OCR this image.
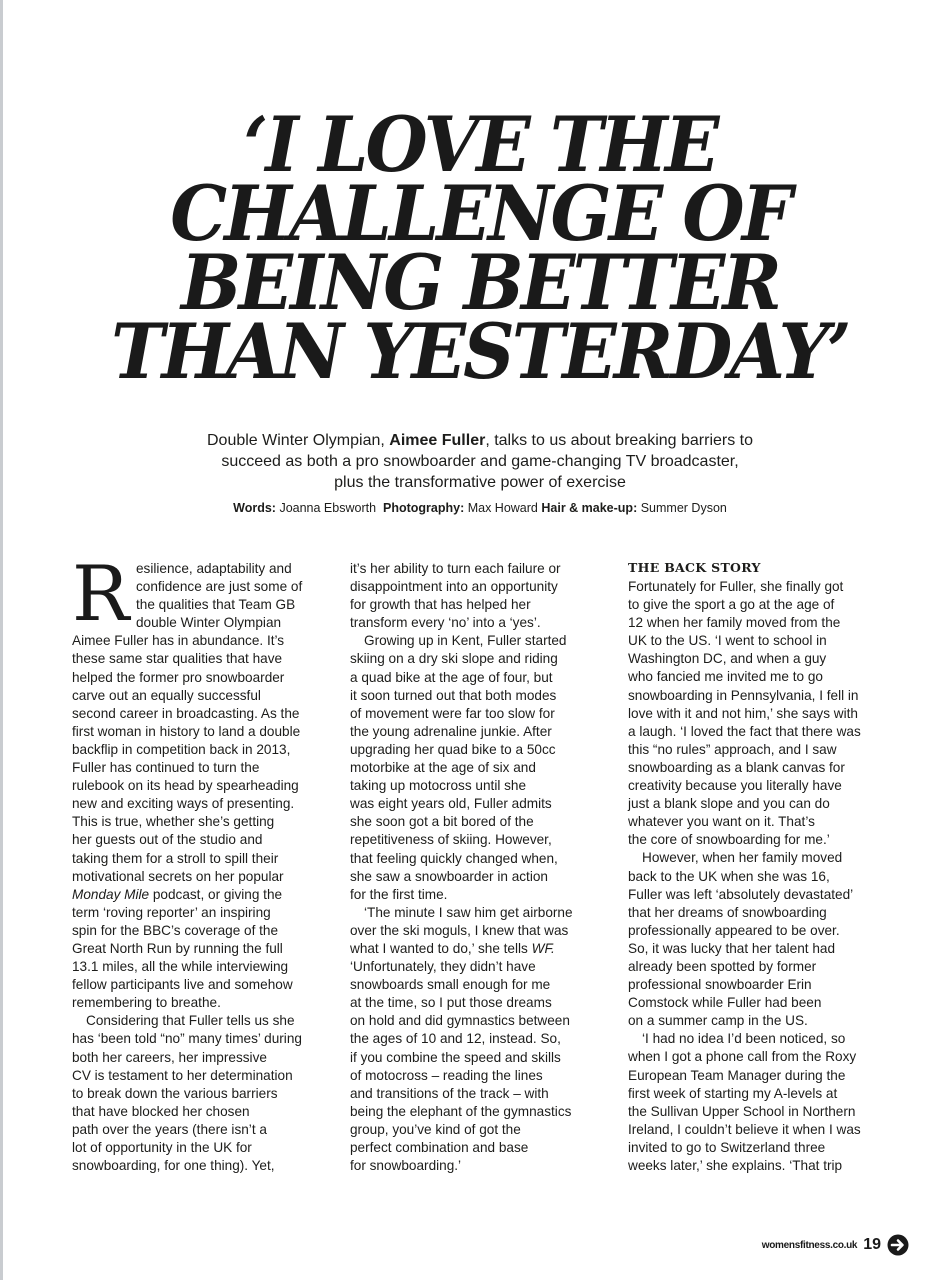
‘I LOVE THE
CHALLENGE OF
BEING BETTER
THAN YESTERDAY’

Double Winter Olympian, Aimee Fuller, talks to us about breaking barriers to
succeed as both a pro snowboarder and game-changing TV broadcaster,
plus the transformative power of exercise

Words: Joanna Ebsworth Photography: Max Howard Hair & make-up: Summer Dyson
R esilience, adaptability and
confidence are just some of
the qualities that Team GB
double Winter Olympian
Aimee Fuller has in abundance. It’s
these same star qualities that have
helped the former pro snowboarder
carve out an equally successful
second career in broadcasting. As the
first woman in history to land a double
backflip in competition back in 2013,
Fuller has continued to turn the
rulebook on its head by spearheading
new and exciting ways of presenting.
This is true, whether she’s getting
her guests out of the studio and
taking them for a stroll to spill their
motivational secrets on her popular
Monday Mile podcast, or giving the
term ‘roving reporter’ an inspiring
spin for the BBC’s coverage of the
Great North Run by running the full
13.1 miles, all the while interviewing
fellow participants live and somehow
remembering to breathe.
Considering that Fuller tells us she
has ‘been told “no” many times’ during
both her careers, her impressive
CV is testament to her determination
to break down the various barriers
that have blocked her chosen
path over the years (there isn’t a
lot of opportunity in the UK for
snowboarding, for one thing). Yet,
it’s her ability to turn each failure or
disappointment into an opportunity
for growth that has helped her
transform every ‘no’ into a ‘yes’.
Growing up in Kent, Fuller started
skiing on a dry ski slope and riding
a quad bike at the age of four, but
it soon turned out that both modes
of movement were far too slow for
the young adrenaline junkie. After
upgrading her quad bike to a 50cc
motorbike at the age of six and
taking up motocross until she
was eight years old, Fuller admits
she soon got a bit bored of the
repetitiveness of skiing. However,
that feeling quickly changed when,
she saw a snowboarder in action
for the first time.
‘The minute I saw him get airborne
over the ski moguls, I knew that was
what I wanted to do,’ she tells WF.
‘Unfortunately, they didn’t have
snowboards small enough for me
at the time, so I put those dreams
on hold and did gymnastics between
the ages of 10 and 12, instead. So,
if you combine the speed and skills
of motocross – reading the lines
and transitions of the track – with
being the elephant of the gymnastics
group, you’ve kind of got the
perfect combination and base
for snowboarding.’
THE BACK STORY
Fortunately for Fuller, she finally got
to give the sport a go at the age of
12 when her family moved from the
UK to the US. ‘I went to school in
Washington DC, and when a guy
who fancied me invited me to go
snowboarding in Pennsylvania, I fell in
love with it and not him,’ she says with
a laugh. ‘I loved the fact that there was
this “no rules” approach, and I saw
snowboarding as a blank canvas for
creativity because you literally have
just a blank slope and you can do
whatever you want on it. That’s
the core of snowboarding for me.’
However, when her family moved
back to the UK when she was 16,
Fuller was left ‘absolutely devastated’
that her dreams of snowboarding
professionally appeared to be over.
So, it was lucky that her talent had
already been spotted by former
professional snowboarder Erin
Comstock while Fuller had been
on a summer camp in the US.
‘I had no idea I’d been noticed, so
when I got a phone call from the Roxy
European Team Manager during the
first week of starting my A-levels at
the Sullivan Upper School in Northern
Ireland, I couldn’t believe it when I was
invited to go to Switzerland three
weeks later,’ she explains. ‘That trip
womensfitness.co.uk 19
